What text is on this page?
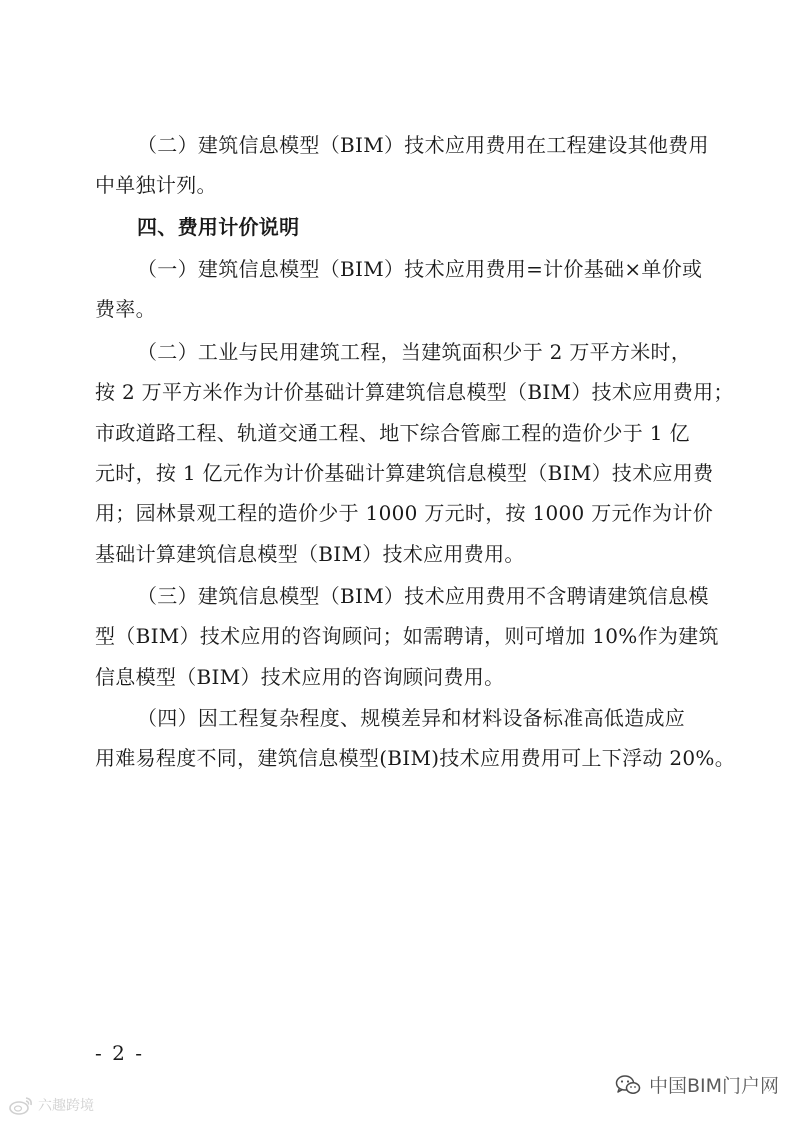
（二）建筑信息模型（BIM）技术应用费用在工程建设其他费用
中单独计列。
四、费用计价说明
（一）建筑信息模型（BIM）技术应用费用=计价基础×单价或
费率。
（二）工业与民用建筑工程，当建筑面积少于 2 万平方米时，
按 2 万平方米作为计价基础计算建筑信息模型（BIM）技术应用费用；
市政道路工程、轨道交通工程、地下综合管廊工程的造价少于 1 亿
元时，按 1 亿元作为计价基础计算建筑信息模型（BIM）技术应用费
用；园林景观工程的造价少于 1000 万元时，按 1000 万元作为计价
基础计算建筑信息模型（BIM）技术应用费用。
（三）建筑信息模型（BIM）技术应用费用不含聘请建筑信息模
型（BIM）技术应用的咨询顾问；如需聘请，则可增加 10%作为建筑
信息模型（BIM）技术应用的咨询顾问费用。
（四）因工程复杂程度、规模差异和材料设备标准高低造成应
用难易程度不同，建筑信息模型(BIM)技术应用费用可上下浮动 20%。
- 2 -
六趣跨境
中国BIM门户网
